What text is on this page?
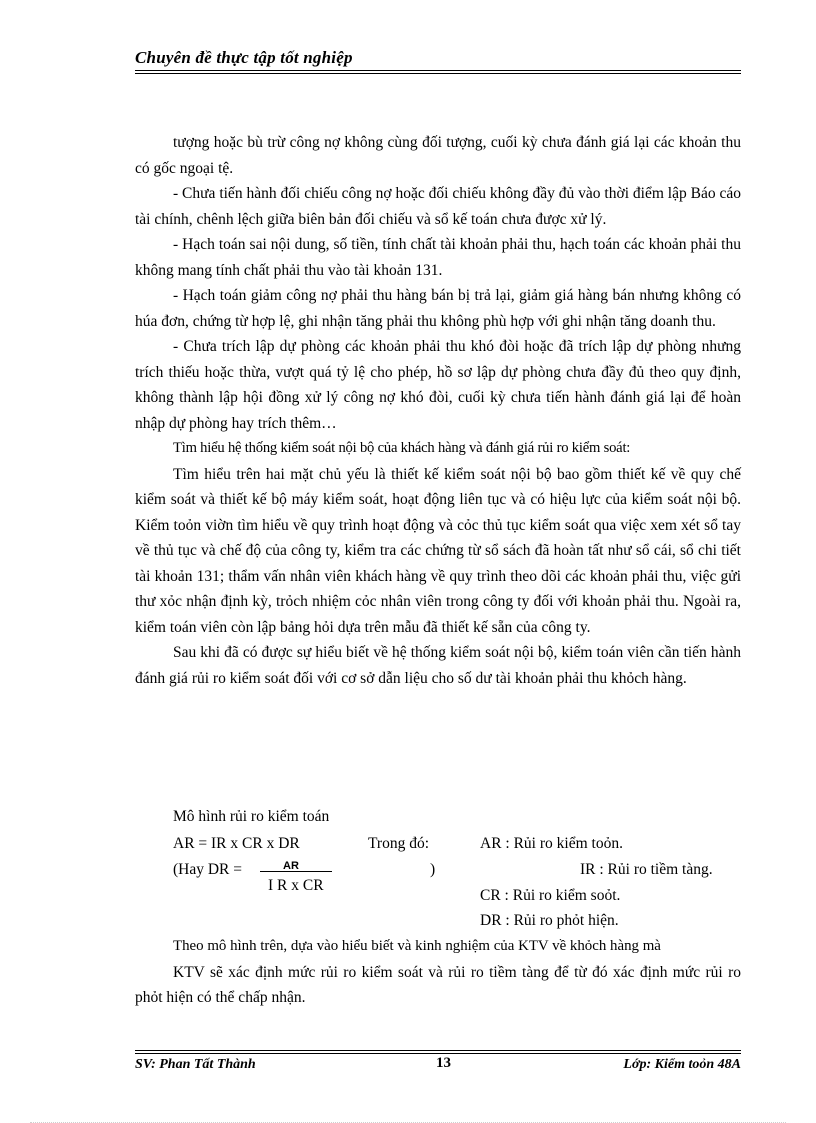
Chuyên đề thực tập tốt nghiệp

tượng hoặc bù trừ công nợ không cùng đối tượng, cuối kỳ chưa đánh giá lại các khoản thu có gốc ngoại tệ.

- Chưa tiến hành đối chiếu công nợ hoặc đối chiếu không đầy đủ vào thời điểm lập Báo cáo tài chính, chênh lệch giữa biên bản đối chiếu và sổ kế toán chưa được xử lý.

- Hạch toán sai nội dung, số tiền, tính chất tài khoản phải thu, hạch toán các khoản phải thu không mang tính chất phải thu vào tài khoản 131.

- Hạch toán giảm công nợ phải thu hàng bán bị trả lại, giảm giá hàng bán nhưng không có húa đơn, chứng từ hợp lệ, ghi nhận tăng phải thu không phù hợp với ghi nhận tăng doanh thu.

- Chưa trích lập dự phòng các khoản phải thu khó đòi hoặc đã trích lập dự phòng nhưng trích thiếu hoặc thừa, vượt quá tỷ lệ cho phép, hồ sơ lập dự phòng chưa đầy đủ theo quy định, không thành lập hội đồng xử lý công nợ khó đòi, cuối kỳ chưa tiến hành đánh giá lại để hoàn nhập dự phòng hay trích thêm…

Tìm hiểu hệ thống kiểm soát nội bộ của khách hàng và đánh giá rủi ro kiểm soát:

Tìm hiểu trên hai mặt chủ yếu là thiết kế kiểm soát nội bộ bao gồm thiết kế về quy chế kiểm soát và thiết kế bộ máy kiểm soát, hoạt động liên tục và có hiệu lực của kiểm soát nội bộ. Kiểm toỏn viờn tìm hiểu về quy trình hoạt động và cỏc thủ tục kiểm soát qua việc xem xét sổ tay về thủ tục và chế độ của công ty, kiểm tra các chứng từ sổ sách đã hoàn tất như sổ cái, sổ chi tiết tài khoản 131; thẩm vấn nhân viên khách hàng về quy trình theo dõi các khoản phải thu, việc gửi thư xỏc nhận định kỳ, trỏch nhiệm cỏc nhân viên trong công ty đối với khoản phải thu. Ngoài ra, kiểm toán viên còn lập bảng hỏi dựa trên mẫu đã thiết kế sẵn của công ty.

Sau khi đã có được sự hiểu biết về hệ thống kiểm soát nội bộ, kiểm toán viên cần tiến hành đánh giá rủi ro kiểm soát đối với cơ sở dẫn liệu cho số dư tài khoản phải thu khỏch hàng.

Mô hình rủi ro kiểm toán
AR = IR x CR x DR	Trong đó:	AR : Rủi ro kiểm toỏn.
(Hay DR =	AR
I R x CR
)	IR : Rủi ro tiềm tàng.
CR : Rủi ro kiểm soỏt.
DR : Rủi ro phỏt hiện.

Theo mô hình trên, dựa vào hiểu biết và kinh nghiệm của KTV về khỏch hàng mà

KTV sẽ xác định mức rủi ro kiểm soát và rủi ro tiềm tàng để từ đó xác định mức rủi ro phỏt hiện có thể chấp nhận.

SV: Phan Tất Thành	13	Lớp: Kiểm toỏn 48A
